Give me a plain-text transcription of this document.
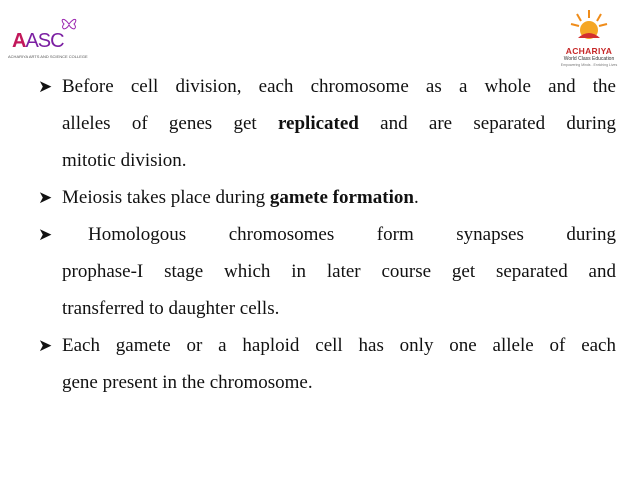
AASC
ACHARIYA ARTS AND SCIENCE COLLEGE
ACHARIYA
World Class Education
Empowering Minds . Enriching Lives
➤ Before cell division, each chromosome as a whole and the
alleles of genes get replicated and are separated during
mitotic division.
➤ Meiosis takes place during gamete formation.
➤	Homologous chromosomes form synapses during
prophase-I stage which in later course get separated and
transferred to daughter cells.
➤ Each gamete or a haploid cell has only one allele of each
gene present in the chromosome.
